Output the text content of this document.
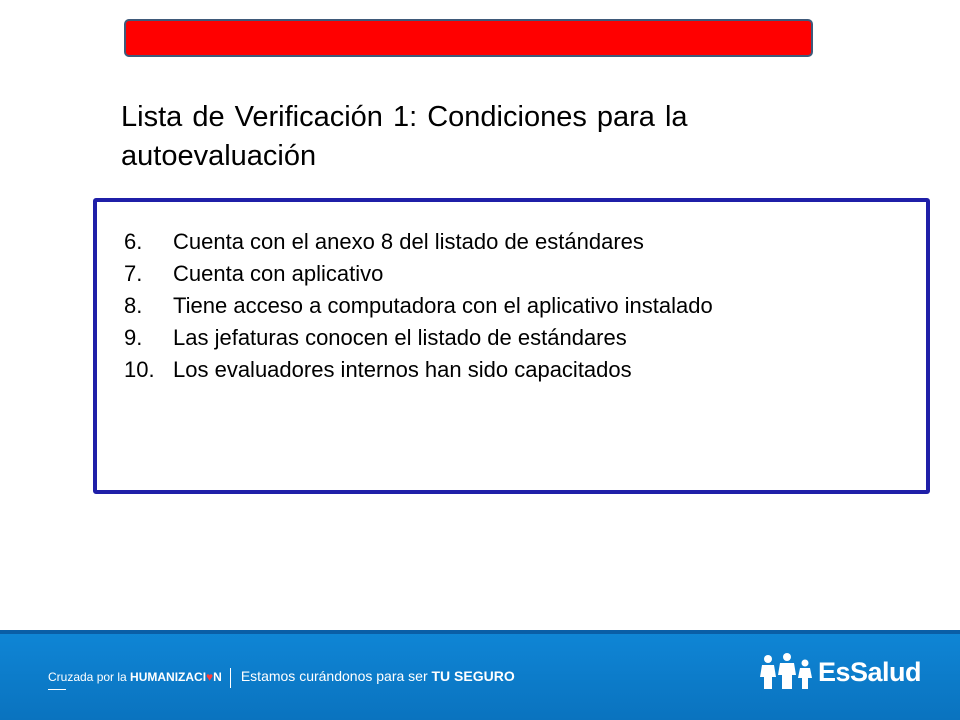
Lista de Verificación 1: Condiciones para la autoevaluación
6. Cuenta con el anexo 8 del listado de estándares
7. Cuenta con aplicativo
8. Tiene acceso a computadora con el aplicativo instalado
9. Las jefaturas conocen el listado de estándares
10. Los evaluadores internos han sido capacitados
Cruzada por la HUMANIZACI♥N Estamos curándonos para ser TU SEGURO	EsSalud
